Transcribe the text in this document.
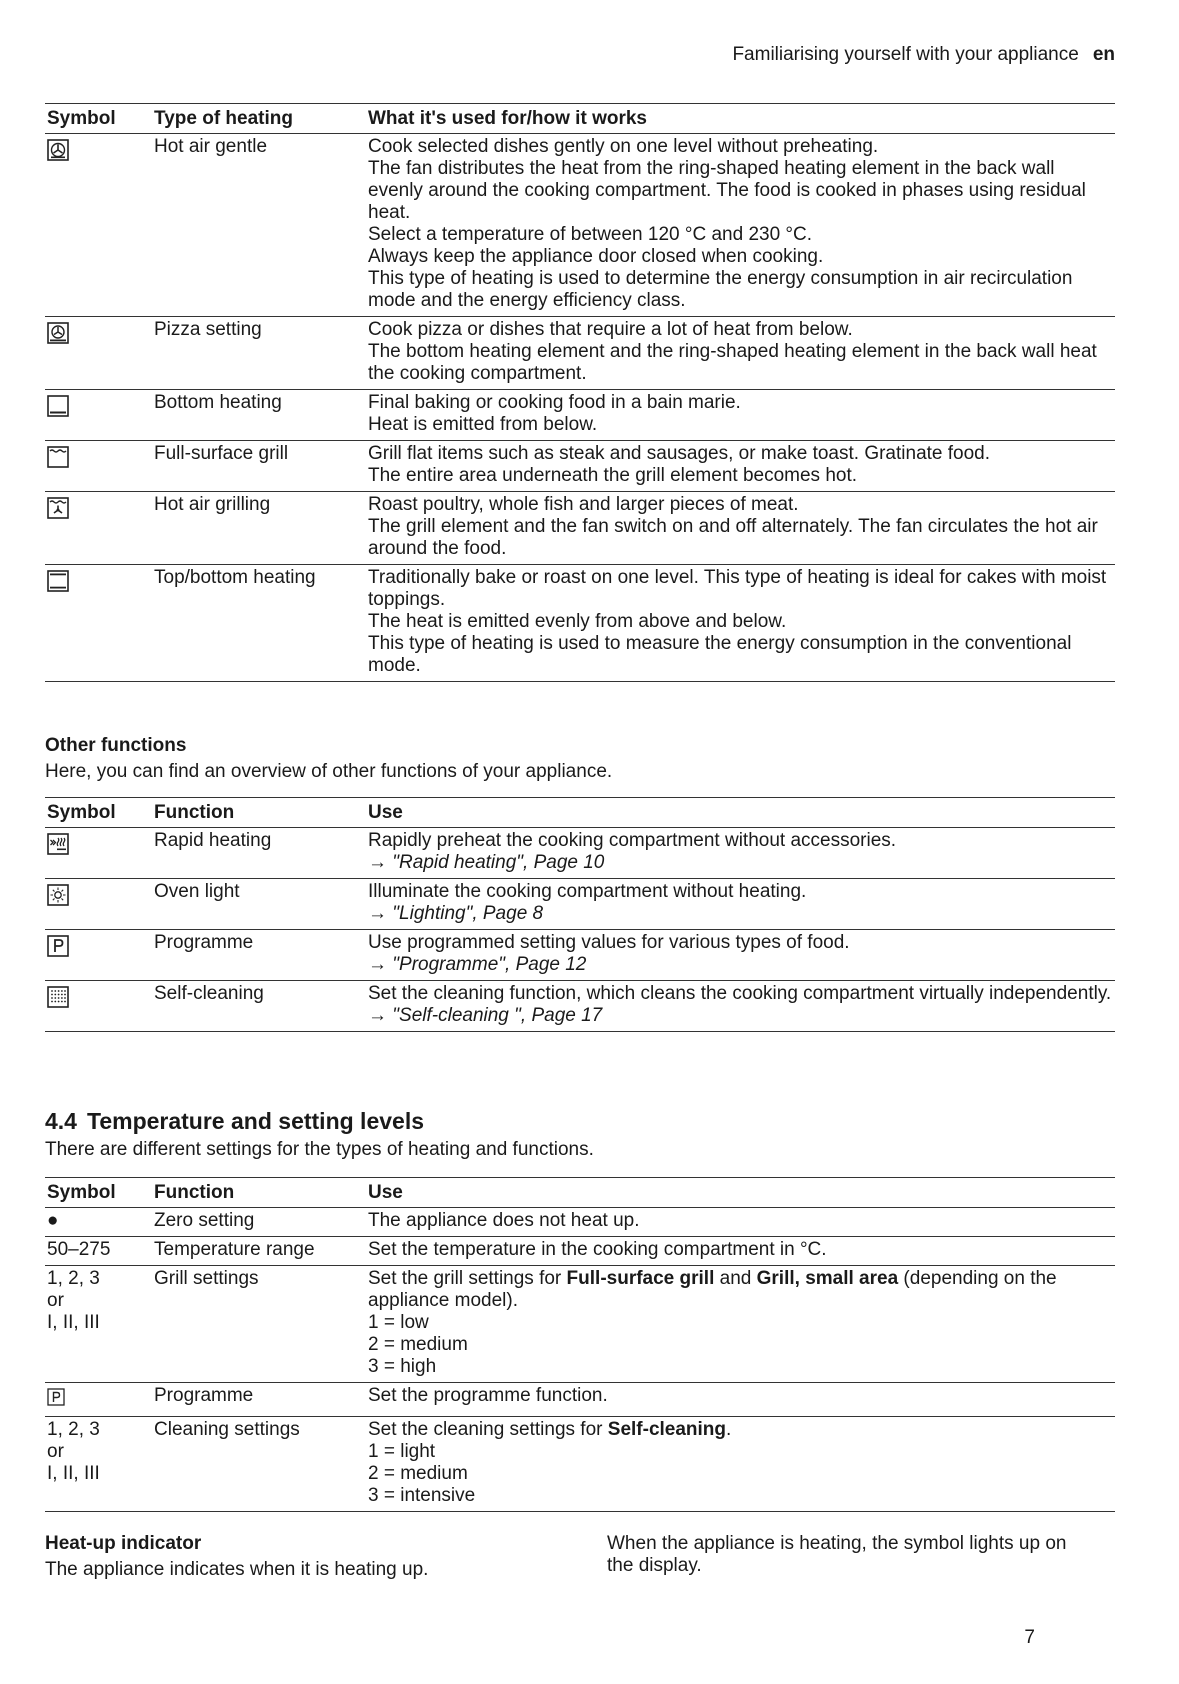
Familiarising yourself with your appliance en
Symbol	Type of heating	What it's used for/how it works

	Hot air gentle	Cook selected dishes gently on one level without preheating.
The fan distributes the heat from the ring-shaped heating element in the back wall evenly around the cooking compartment. The food is cooked in phases using residual heat.
Select a temperature of between 120 °C and 230 °C.
Always keep the appliance door closed when cooking.
This type of heating is used to determine the energy consumption in air recirculation mode and the energy efficiency class.

	Pizza setting	Cook pizza or dishes that require a lot of heat from below.
The bottom heating element and the ring-shaped heating element in the back wall heat the cooking compartment.

	Bottom heating	Final baking or cooking food in a bain marie.
Heat is emitted from below.

	Full-surface grill	Grill flat items such as steak and sausages, or make toast. Gratinate food.
The entire area underneath the grill element becomes hot.

	Hot air grilling	Roast poultry, whole fish and larger pieces of meat.
The grill element and the fan switch on and off alternately. The fan circulates the hot air around the food.

	Top/bottom heating	Traditionally bake or roast on one level. This type of heating is ideal for cakes with moist toppings.
The heat is emitted evenly from above and below.
This type of heating is used to measure the energy consumption in the conventional mode.

Other functions

Here, you can find an overview of other functions of your appliance.

Symbol	Function	Use

	Rapid heating	Rapidly preheat the cooking compartment without accessories.
→ "Rapid heating", Page 10

	Oven light	Illuminate the cooking compartment without heating.
→ "Lighting", Page 8

	Programme	Use programmed setting values for various types of food.
→ "Programme", Page 12

	Self-cleaning	Set the cleaning function, which cleans the cooking compartment virtually independently.
→ "Self-cleaning ", Page 17
4.4 Temperature and setting levels

There are different settings for the types of heating and functions.

Symbol	Function	Use
●	Zero setting	The appliance does not heat up.
50–275	Temperature range	Set the temperature in the cooking compartment in °C.

1, 2, 3
or
I, II, III	Grill settings	Set the grill settings for Full-surface grill and Grill, small area (depending on the appliance model).
1 = low
2 = medium
3 = high

	Programme	Set the programme function.

1, 2, 3
or
I, II, III	Cleaning settings	Set the cleaning settings for Self-cleaning.
1 = light
2 = medium
3 = intensive

Heat-up indicator

The appliance indicates when it is heating up.

When the appliance is heating, the symbol lights up on the display.
7
